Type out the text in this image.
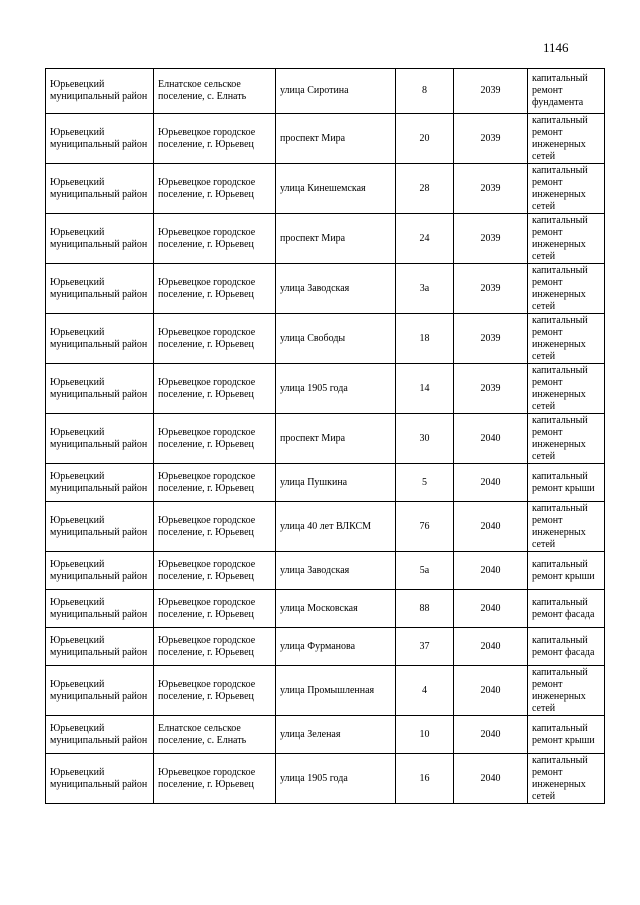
1146
Юрьевецкий муниципальный район	Елнатское сельское поселение, с. Елнать	улица Сиротина	8	2039	капитальный ремонт фундамента
Юрьевецкий муниципальный район	Юрьевецкое городское поселение, г. Юрьевец	проспект Мира	20	2039	капитальный ремонт инженерных сетей
Юрьевецкий муниципальный район	Юрьевецкое городское поселение, г. Юрьевец	улица Кинешемская	28	2039	капитальный ремонт инженерных сетей
Юрьевецкий муниципальный район	Юрьевецкое городское поселение, г. Юрьевец	проспект Мира	24	2039	капитальный ремонт инженерных сетей
Юрьевецкий муниципальный район	Юрьевецкое городское поселение, г. Юрьевец	улица Заводская	3а	2039	капитальный ремонт инженерных сетей
Юрьевецкий муниципальный район	Юрьевецкое городское поселение, г. Юрьевец	улица Свободы	18	2039	капитальный ремонт инженерных сетей
Юрьевецкий муниципальный район	Юрьевецкое городское поселение, г. Юрьевец	улица 1905 года	14	2039	капитальный ремонт инженерных сетей
Юрьевецкий муниципальный район	Юрьевецкое городское поселение, г. Юрьевец	проспект Мира	30	2040	капитальный ремонт инженерных сетей
Юрьевецкий муниципальный район	Юрьевецкое городское поселение, г. Юрьевец	улица Пушкина	5	2040	капитальный ремонт крыши
Юрьевецкий муниципальный район	Юрьевецкое городское поселение, г. Юрьевец	улица 40 лет ВЛКСМ	76	2040	капитальный ремонт инженерных сетей
Юрьевецкий муниципальный район	Юрьевецкое городское поселение, г. Юрьевец	улица Заводская	5а	2040	капитальный ремонт крыши
Юрьевецкий муниципальный район	Юрьевецкое городское поселение, г. Юрьевец	улица Московская	88	2040	капитальный ремонт фасада
Юрьевецкий муниципальный район	Юрьевецкое городское поселение, г. Юрьевец	улица Фурманова	37	2040	капитальный ремонт фасада
Юрьевецкий муниципальный район	Юрьевецкое городское поселение, г. Юрьевец	улица Промышленная	4	2040	капитальный ремонт инженерных сетей
Юрьевецкий муниципальный район	Елнатское сельское поселение, с. Елнать	улица Зеленая	10	2040	капитальный ремонт крыши
Юрьевецкий муниципальный район	Юрьевецкое городское поселение, г. Юрьевец	улица 1905 года	16	2040	капитальный ремонт инженерных сетей
